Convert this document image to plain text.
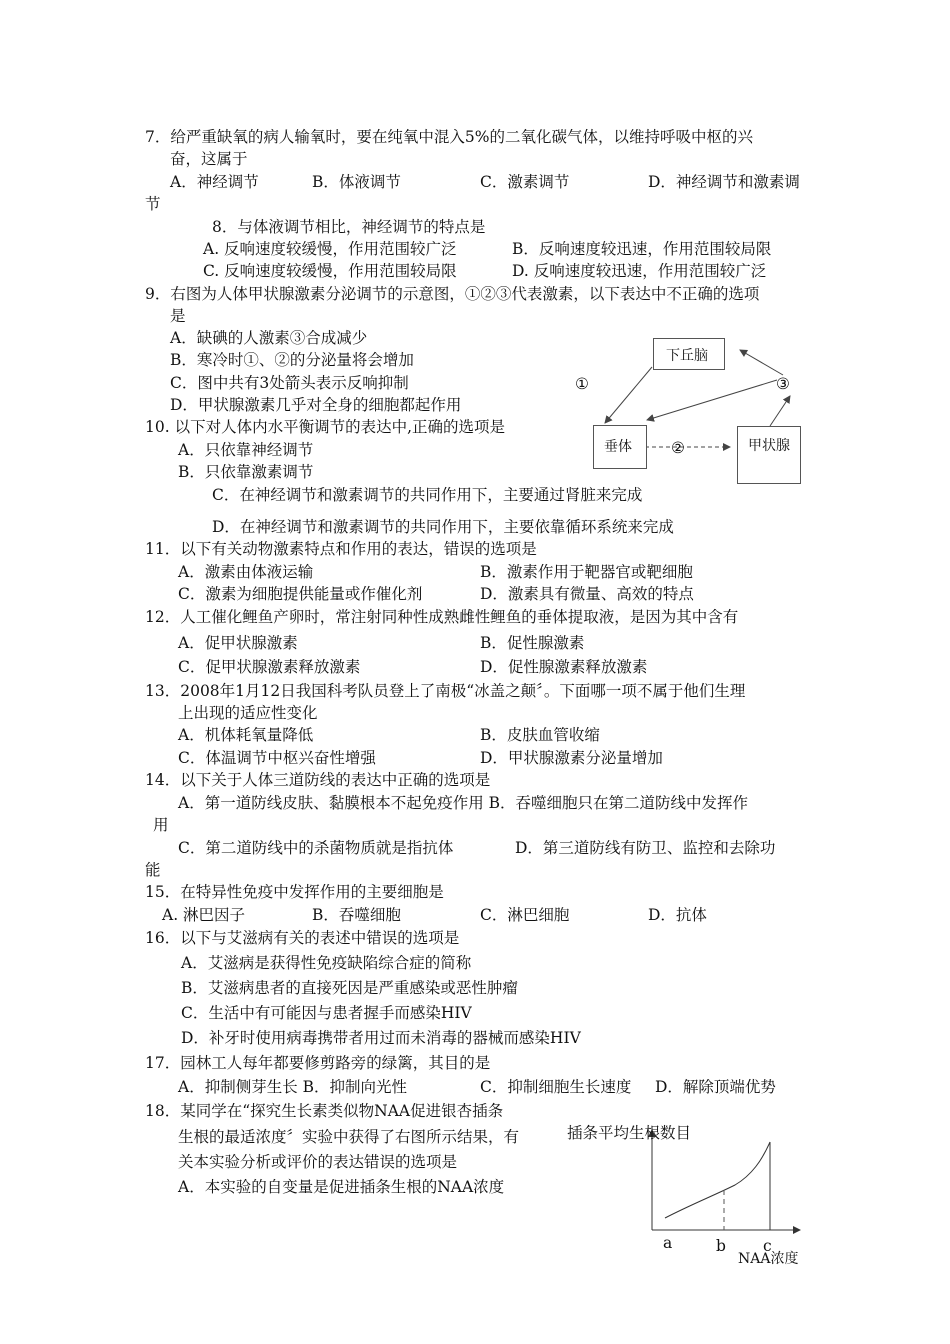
7．给严重缺氧的病人输氧时，要在纯氧中混入5%的二氧化碳气体，以维持呼吸中枢的兴
奋，这属于
A．神经调节	B．体液调节	C．激素调节	D．神经调节和激素调
节
8．与体液调节相比，神经调节的特点是
A. 反响速度较缓慢，作用范围较广泛	B．反响速度较迅速，作用范围较局限
C. 反响速度较缓慢，作用范围较局限	D. 反响速度较迅速，作用范围较广泛
9．右图为人体甲状腺激素分泌调节的示意图，①②③代表激素，以下表达中不正确的选项
是
A．缺碘的人激素③合成减少
B．寒冷时①、②的分泌量将会增加
C．图中共有3处箭头表示反响抑制
D．甲状腺激素几乎对全身的细胞都起作用
下丘脑
垂体	甲状腺
①
②
③
10. 以下对人体内水平衡调节的表达中,正确的选项是
A．只依靠神经调节
B．只依靠激素调节
C．在神经调节和激素调节的共同作用下，主要通过肾脏来完成
D．在神经调节和激素调节的共同作用下，主要依靠循环系统来完成
11．以下有关动物激素特点和作用的表达，错误的选项是
A．激素由体液运输	B．激素作用于靶器官或靶细胞
C．激素为细胞提供能量或作催化剂	D．激素具有微量、高效的特点
12．人工催化鲤鱼产卵时，常注射同种性成熟雌性鲤鱼的垂体提取液，是因为其中含有
A．促甲状腺激素	B．促性腺激素
C．促甲状腺激素释放激素	D．促性腺激素释放激素
13．2008年1月12日我国科考队员登上了南极“冰盖之颠〞。下面哪一项不属于他们生理
上出现的适应性变化
A．机体耗氧量降低	B．皮肤血管收缩
C．体温调节中枢兴奋性增强	D．甲状腺激素分泌量增加
14．以下关于人体三道防线的表达中正确的选项是
A．第一道防线皮肤、黏膜根本不起免疫作用 B．吞噬细胞只在第二道防线中发挥作
用
C．第二道防线中的杀菌物质就是指抗体	D．第三道防线有防卫、监控和去除功
能
15．在特异性免疫中发挥作用的主要细胞是
A. 淋巴因子	B．吞噬细胞	C．淋巴细胞	D．抗体
16．以下与艾滋病有关的表述中错误的选项是
A．艾滋病是获得性免疫缺陷综合症的简称
B．艾滋病患者的直接死因是严重感染或恶性肿瘤
C．生活中有可能因与患者握手而感染HIV
D．补牙时使用病毒携带者用过而未消毒的器械而感染HIV
17．园林工人每年都要修剪路旁的绿篱，其目的是
A．抑制侧芽生长 B．抑制向光性	C．抑制细胞生长速度 D．解除顶端优势
18．某同学在“探究生长素类似物NAA促进银杏插条
生根的最适浓度〞实验中获得了右图所示结果，有
关本实验分析或评价的表达错误的选项是
A．本实验的自变量是促进插条生根的NAA浓度
插条平均生根数目
a	b c
NAA浓度
